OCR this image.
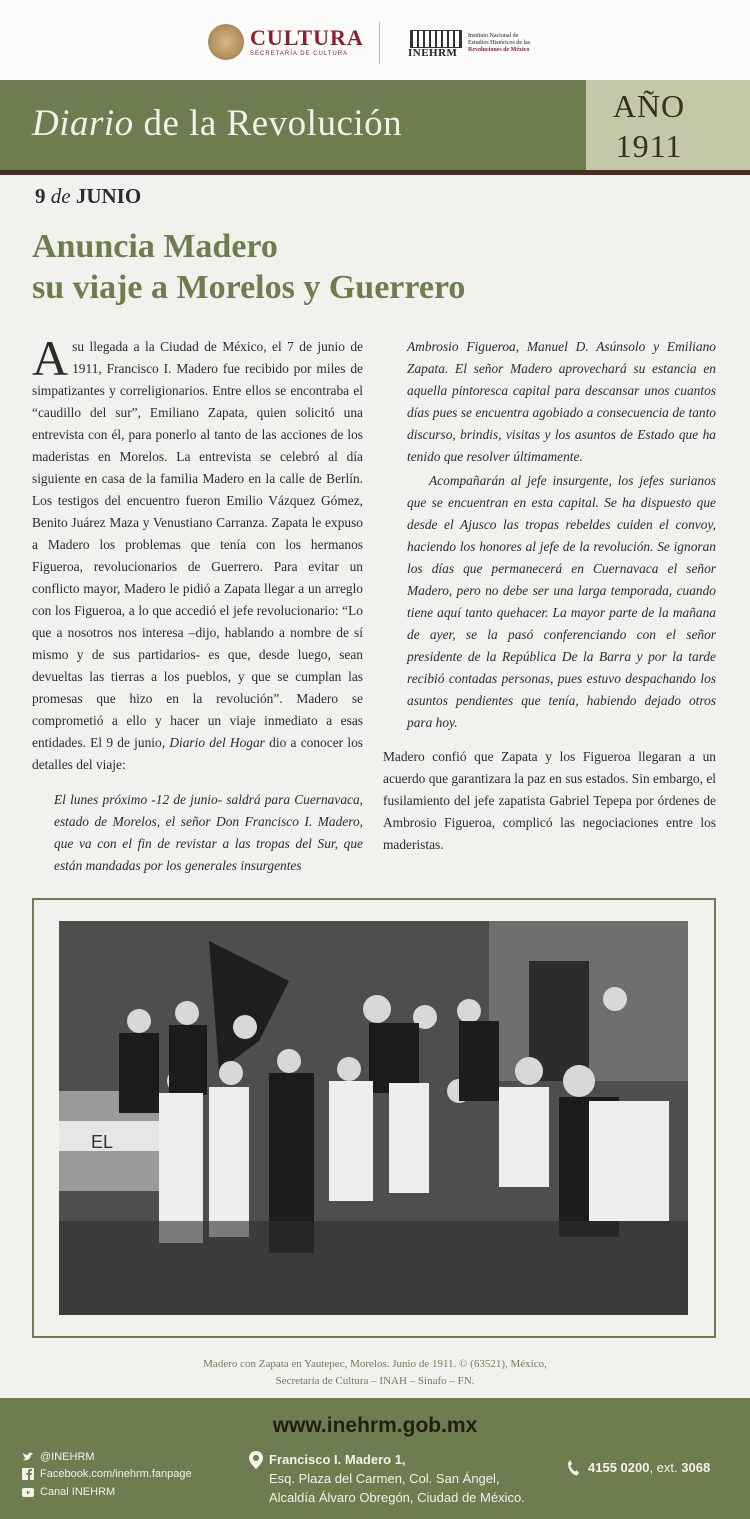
CULTURA
SECRETARÍA DE CULTURA	INEHRM
Instituto Nacional de
Estudios Históricos de las
Revoluciones de México
Diario de la Revolución	AÑO
1911
9 de JUNIO
Anuncia Madero
su viaje a Morelos y Guerrero

A su llegada a la Ciudad de México, el 7 de junio de 1911, Francisco I. Madero fue recibido por miles de simpatizantes y correligionarios. Entre ellos se encontraba el “caudillo del sur”, Emiliano Zapata, quien solicitó una entrevista con él, para ponerlo al tanto de las acciones de los maderistas en Morelos. La entrevista se celebró al día siguiente en casa de la familia Madero en la calle de Berlín. Los testigos del encuentro fueron Emilio Vázquez Gómez, Benito Juárez Maza y Venustiano Carranza. Zapata le expuso a Madero los problemas que tenía con los hermanos Figueroa, revolucionarios de Guerrero. Para evitar un conflicto mayor, Madero le pidió a Zapata llegar a un arreglo con los Figueroa, a lo que accedió el jefe revolucionario: “Lo que a nosotros nos interesa –dijo, hablando a nombre de sí mismo y de sus partidarios- es que, desde luego, sean devueltas las tierras a los pueblos, y que se cumplan las promesas que hizo en la revolución”. Madero se comprometió a ello y hacer un viaje inmediato a esas entidades. El 9 de junio, Diario del Hogar dio a conocer los detalles del viaje:

El lunes próximo -12 de junio- saldrá para Cuernavaca, estado de Morelos, el señor Don Francisco I. Madero, que va con el fin de revistar a las tropas del Sur, que están mandadas por los generales insurgentes

Ambrosio Figueroa, Manuel D. Asúnsolo y Emiliano Zapata. El señor Madero aprovechará su estancia en aquella pintoresca capital para descansar unos cuantos días pues se encuentra agobiado a consecuencia de tanto discurso, brindis, visitas y los asuntos de Estado que ha tenido que resolver últimamente.

Acompañarán al jefe insurgente, los jefes surianos que se encuentran en esta capital. Se ha dispuesto que desde el Ajusco las tropas rebeldes cuiden el convoy, haciendo los honores al jefe de la revolución. Se ignoran los días que permanecerá en Cuernavaca el señor Madero, pero no debe ser una larga temporada, cuando tiene aquí tanto quehacer. La mayor parte de la mañana de ayer, se la pasó conferenciando con el señor presidente de la República De la Barra y por la tarde recibió contadas personas, pues estuvo despachando los asuntos pendientes que tenía, habiendo dejado otros para hoy.

Madero confió que Zapata y los Figueroa llegaran a un acuerdo que garantizara la paz en sus estados. Sin embargo, el fusilamiento del jefe zapatista Gabriel Tepepa por órdenes de Ambrosio Figueroa, complicó las negociaciones entre los maderistas.

EL
Madero con Zapata en Yautepec, Morelos. Junio de 1911. © (63521), México,
Secretaría de Cultura – INAH – Sinafo – FN.
www.inehrm.gob.mx
@INEHRM
Facebook.com/inehrm.fanpage
Canal INEHRM
Francisco I. Madero 1,
Esq. Plaza del Carmen, Col. San Ángel,
Alcaldía Álvaro Obregón, Ciudad de México.
4155 0200, ext. 3068
